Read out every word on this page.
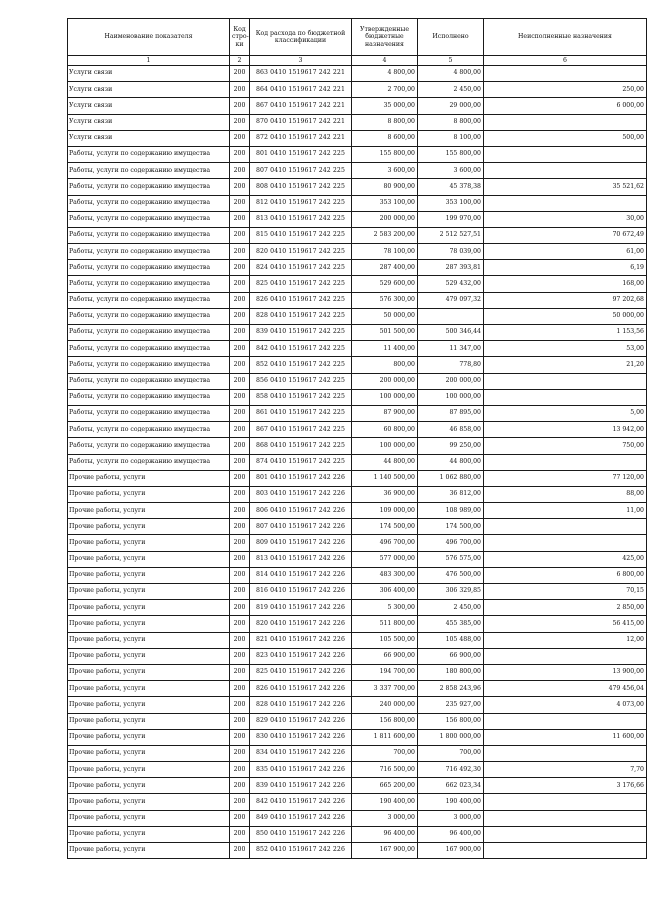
Наименование показателя	Код стро-ки	Код расхода по бюджетной классификации	Утвержденные бюджетные назначения	Исполнено	Неисполненные назначения
1	2	3	4	5	6
Услуги связи	200	863 0410 1519617 242 221	4 800,00	4 800,00	
Услуги связи	200	864 0410 1519617 242 221	2 700,00	2 450,00	250,00
Услуги связи	200	867 0410 1519617 242 221	35 000,00	29 000,00	6 000,00
Услуги связи	200	870 0410 1519617 242 221	8 800,00	8 800,00	
Услуги связи	200	872 0410 1519617 242 221	8 600,00	8 100,00	500,00
Работы, услуги по содержанию имущества	200	801 0410 1519617 242 225	155 800,00	155 800,00	
Работы, услуги по содержанию имущества	200	807 0410 1519617 242 225	3 600,00	3 600,00	
Работы, услуги по содержанию имущества	200	808 0410 1519617 242 225	80 900,00	45 378,38	35 521,62
Работы, услуги по содержанию имущества	200	812 0410 1519617 242 225	353 100,00	353 100,00	
Работы, услуги по содержанию имущества	200	813 0410 1519617 242 225	200 000,00	199 970,00	30,00
Работы, услуги по содержанию имущества	200	815 0410 1519617 242 225	2 583 200,00	2 512 527,51	70 672,49
Работы, услуги по содержанию имущества	200	820 0410 1519617 242 225	78 100,00	78 039,00	61,00
Работы, услуги по содержанию имущества	200	824 0410 1519617 242 225	287 400,00	287 393,81	6,19
Работы, услуги по содержанию имущества	200	825 0410 1519617 242 225	529 600,00	529 432,00	168,00
Работы, услуги по содержанию имущества	200	826 0410 1519617 242 225	576 300,00	479 097,32	97 202,68
Работы, услуги по содержанию имущества	200	828 0410 1519617 242 225	50 000,00		50 000,00
Работы, услуги по содержанию имущества	200	839 0410 1519617 242 225	501 500,00	500 346,44	1 153,56
Работы, услуги по содержанию имущества	200	842 0410 1519617 242 225	11 400,00	11 347,00	53,00
Работы, услуги по содержанию имущества	200	852 0410 1519617 242 225	800,00	778,80	21,20
Работы, услуги по содержанию имущества	200	856 0410 1519617 242 225	200 000,00	200 000,00	
Работы, услуги по содержанию имущества	200	858 0410 1519617 242 225	100 000,00	100 000,00	
Работы, услуги по содержанию имущества	200	861 0410 1519617 242 225	87 900,00	87 895,00	5,00
Работы, услуги по содержанию имущества	200	867 0410 1519617 242 225	60 800,00	46 858,00	13 942,00
Работы, услуги по содержанию имущества	200	868 0410 1519617 242 225	100 000,00	99 250,00	750,00
Работы, услуги по содержанию имущества	200	874 0410 1519617 242 225	44 800,00	44 800,00	
Прочие работы, услуги	200	801 0410 1519617 242 226	1 140 500,00	1 062 880,00	77 120,00
Прочие работы, услуги	200	803 0410 1519617 242 226	36 900,00	36 812,00	88,00
Прочие работы, услуги	200	806 0410 1519617 242 226	109 000,00	108 989,00	11,00
Прочие работы, услуги	200	807 0410 1519617 242 226	174 500,00	174 500,00	
Прочие работы, услуги	200	809 0410 1519617 242 226	496 700,00	496 700,00	
Прочие работы, услуги	200	813 0410 1519617 242 226	577 000,00	576 575,00	425,00
Прочие работы, услуги	200	814 0410 1519617 242 226	483 300,00	476 500,00	6 800,00
Прочие работы, услуги	200	816 0410 1519617 242 226	306 400,00	306 329,85	70,15
Прочие работы, услуги	200	819 0410 1519617 242 226	5 300,00	2 450,00	2 850,00
Прочие работы, услуги	200	820 0410 1519617 242 226	511 800,00	455 385,00	56 415,00
Прочие работы, услуги	200	821 0410 1519617 242 226	105 500,00	105 488,00	12,00
Прочие работы, услуги	200	823 0410 1519617 242 226	66 900,00	66 900,00	
Прочие работы, услуги	200	825 0410 1519617 242 226	194 700,00	180 800,00	13 900,00
Прочие работы, услуги	200	826 0410 1519617 242 226	3 337 700,00	2 858 243,96	479 456,04
Прочие работы, услуги	200	828 0410 1519617 242 226	240 000,00	235 927,00	4 073,00
Прочие работы, услуги	200	829 0410 1519617 242 226	156 800,00	156 800,00	
Прочие работы, услуги	200	830 0410 1519617 242 226	1 811 600,00	1 800 000,00	11 600,00
Прочие работы, услуги	200	834 0410 1519617 242 226	700,00	700,00	
Прочие работы, услуги	200	835 0410 1519617 242 226	716 500,00	716 492,30	7,70
Прочие работы, услуги	200	839 0410 1519617 242 226	665 200,00	662 023,34	3 176,66
Прочие работы, услуги	200	842 0410 1519617 242 226	190 400,00	190 400,00	
Прочие работы, услуги	200	849 0410 1519617 242 226	3 000,00	3 000,00	
Прочие работы, услуги	200	850 0410 1519617 242 226	96 400,00	96 400,00	
Прочие работы, услуги	200	852 0410 1519617 242 226	167 900,00	167 900,00	
